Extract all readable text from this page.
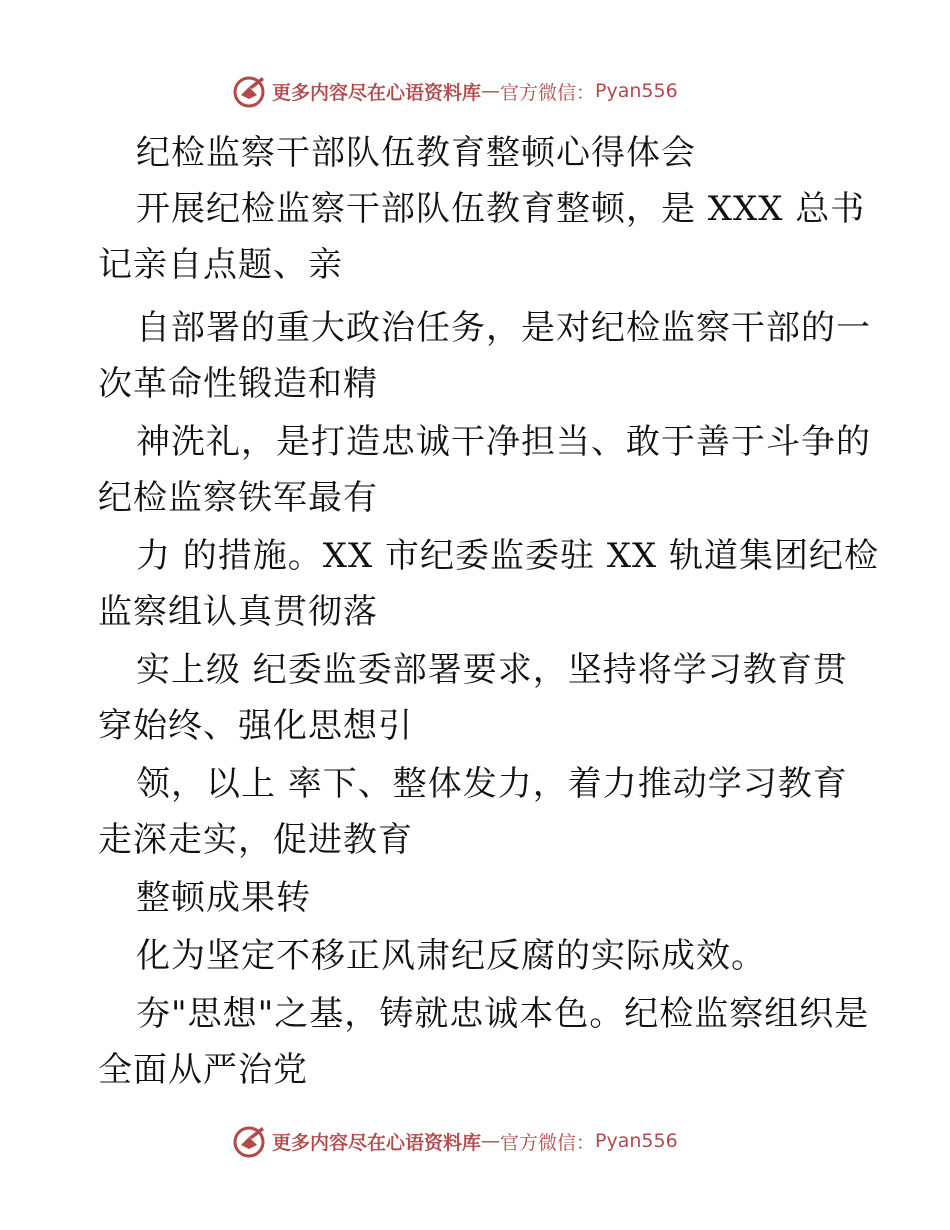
更多内容尽在心语资料库 — 官方微信： Pyan556
纪检监察干部队伍教育整顿心得体会
开展纪检监察干部队伍教育整顿，是 XXX 总书
记亲自点题、亲
自部署的重大政治任务，是对纪检监察干部的一
次革命性锻造和精
神洗礼，是打造忠诚干净担当、敢于善于斗争的
纪检监察铁军最有
力 的措施。XX 市纪委监委驻 XX 轨道集团纪检
监察组认真贯彻落
实上级 纪委监委部署要求，坚持将学习教育贯
穿始终、强化思想引
领，以上 率下、整体发力，着力推动学习教育
走深走实，促进教育
整顿成果转
化为坚定不移正风肃纪反腐的实际成效。
夯"思想"之基，铸就忠诚本色。纪检监察组织是
全面从严治党
更多内容尽在心语资料库 — 官方微信： Pyan556
